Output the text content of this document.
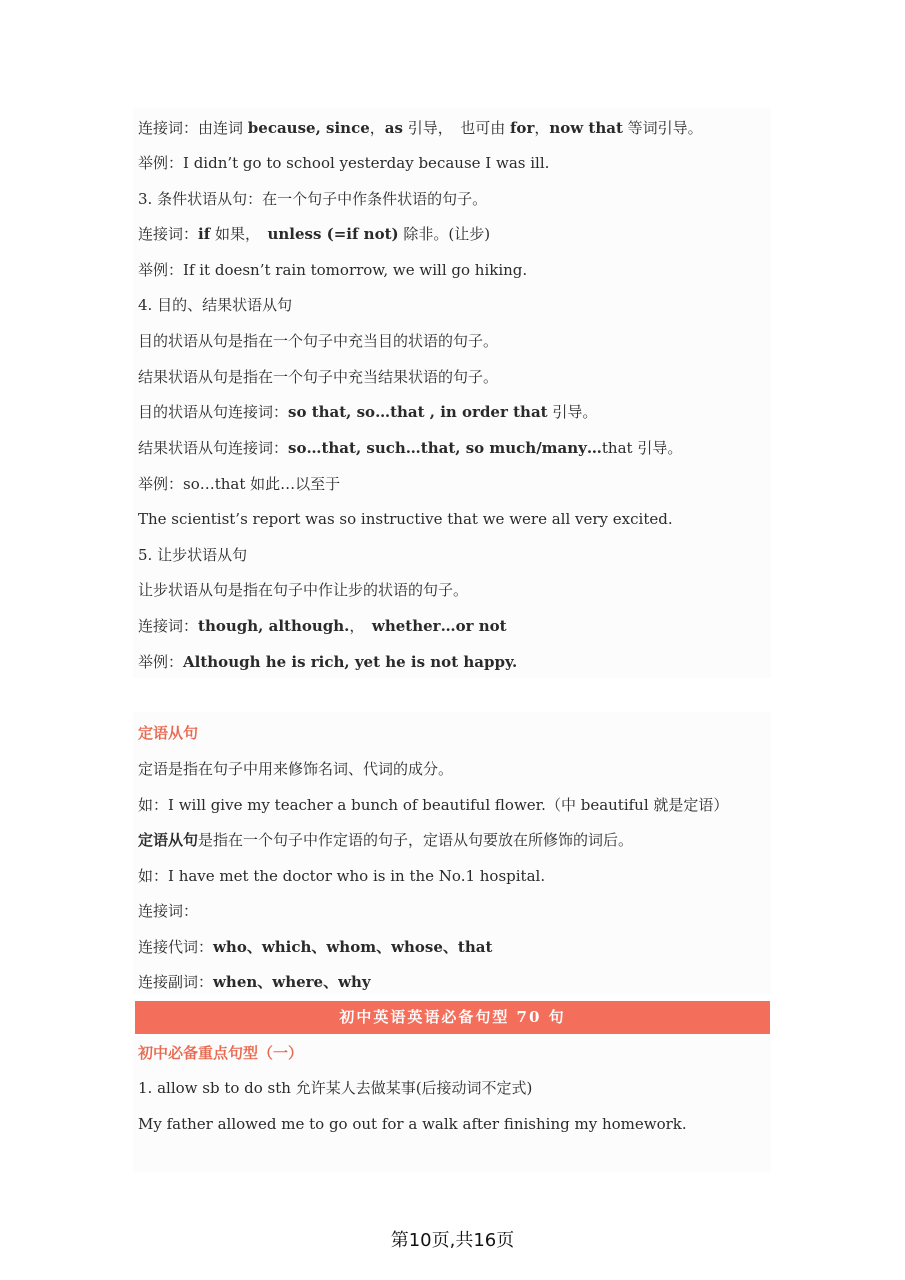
连接词：由连词 because, since，as 引导，　也可由 for，now that 等词引导。
举例：I didn’t go to school yesterday because I was ill.
3. 条件状语从句：在一个句子中作条件状语的句子。
连接词：if 如果，　 unless (=if not) 除非。(让步)
举例：If it doesn’t rain tomorrow, we will go hiking.
4. 目的、结果状语从句
目的状语从句是指在一个句子中充当目的状语的句子。
结果状语从句是指在一个句子中充当结果状语的句子。
目的状语从句连接词：so that, so…that , in order that 引导。
结果状语从句连接词：so…that, such…that, so much/many…that 引导。
举例：so…that 如此…以至于
The scientist’s report was so instructive that we were all very excited.
5. 让步状语从句
让步状语从句是指在句子中作让步的状语的句子。
连接词：though, although.，　 whether…or not
举例：Although he is rich, yet he is not happy.
定语从句
定语是指在句子中用来修饰名词、代词的成分。
如：I will give my teacher a bunch of beautiful flower.（中 beautiful 就是定语）
定语从句是指在一个句子中作定语的句子，定语从句要放在所修饰的词后。
如：I have met the doctor who is in the No.1 hospital.
连接词：
连接代词：who、which、whom、whose、that
连接副词：when、where、why
初中英语英语必备句型 70 句
初中必备重点句型（一）
1. allow sb to do sth 允许某人去做某事(后接动词不定式)
My father allowed me to go out for a walk after finishing my homework.
第10页,共16页
